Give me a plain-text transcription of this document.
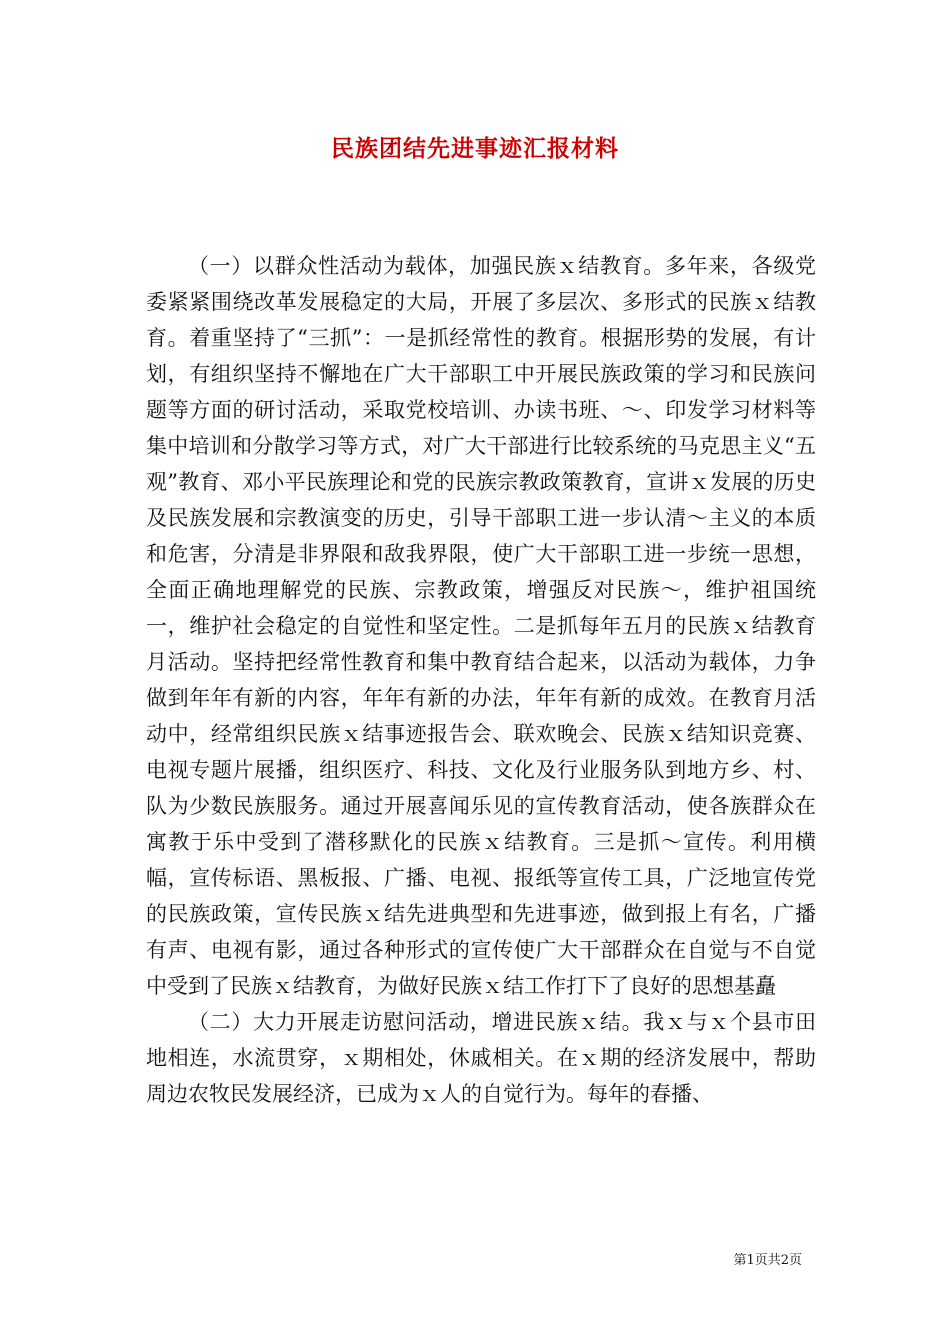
民族团结先进事迹汇报材料

（一）以群众性活动为载体，加强民族ｘ结教育。多年来，各级党委紧紧围绕改革发展稳定的大局，开展了多层次、多形式的民族ｘ结教育。着重坚持了“三抓”：一是抓经常性的教育。根据形势的发展，有计划，有组织坚持不懈地在广大干部职工中开展民族政策的学习和民族问题等方面的研讨活动，采取党校培训、办读书班、～、印发学习材料等集中培训和分散学习等方式，对广大干部进行比较系统的马克思主义“五观”教育、邓小平民族理论和党的民族宗教政策教育，宣讲ｘ发展的历史及民族发展和宗教演变的历史，引导干部职工进一步认清～主义的本质和危害，分清是非界限和敌我界限，使广大干部职工进一步统一思想，全面正确地理解党的民族、宗教政策，增强反对民族～，维护祖国统一，维护社会稳定的自觉性和坚定性。二是抓每年五月的民族ｘ结教育月活动。坚持把经常性教育和集中教育结合起来，以活动为载体，力争做到年年有新的内容，年年有新的办法，年年有新的成效。在教育月活动中，经常组织民族ｘ结事迹报告会、联欢晚会、民族ｘ结知识竞赛、电视专题片展播，组织医疗、科技、文化及行业服务队到地方乡、村、队为少数民族服务。通过开展喜闻乐见的宣传教育活动，使各族群众在寓教于乐中受到了潜移默化的民族ｘ结教育。三是抓～宣传。利用横幅，宣传标语、黑板报、广播、电视、报纸等宣传工具，广泛地宣传党的民族政策，宣传民族ｘ结先进典型和先进事迹，做到报上有名，广播有声、电视有影，通过各种形式的宣传使广大干部群众在自觉与不自觉中受到了民族ｘ结教育，为做好民族ｘ结工作打下了良好的思想基矗

（二）大力开展走访慰问活动，增进民族ｘ结。我ｘ与ｘ个县市田地相连，水流贯穿，ｘ期相处，休戚相关。在ｘ期的经济发展中，帮助周边农牧民发展经济，已成为ｘ人的自觉行为。每年的春播、

第1页共2页
